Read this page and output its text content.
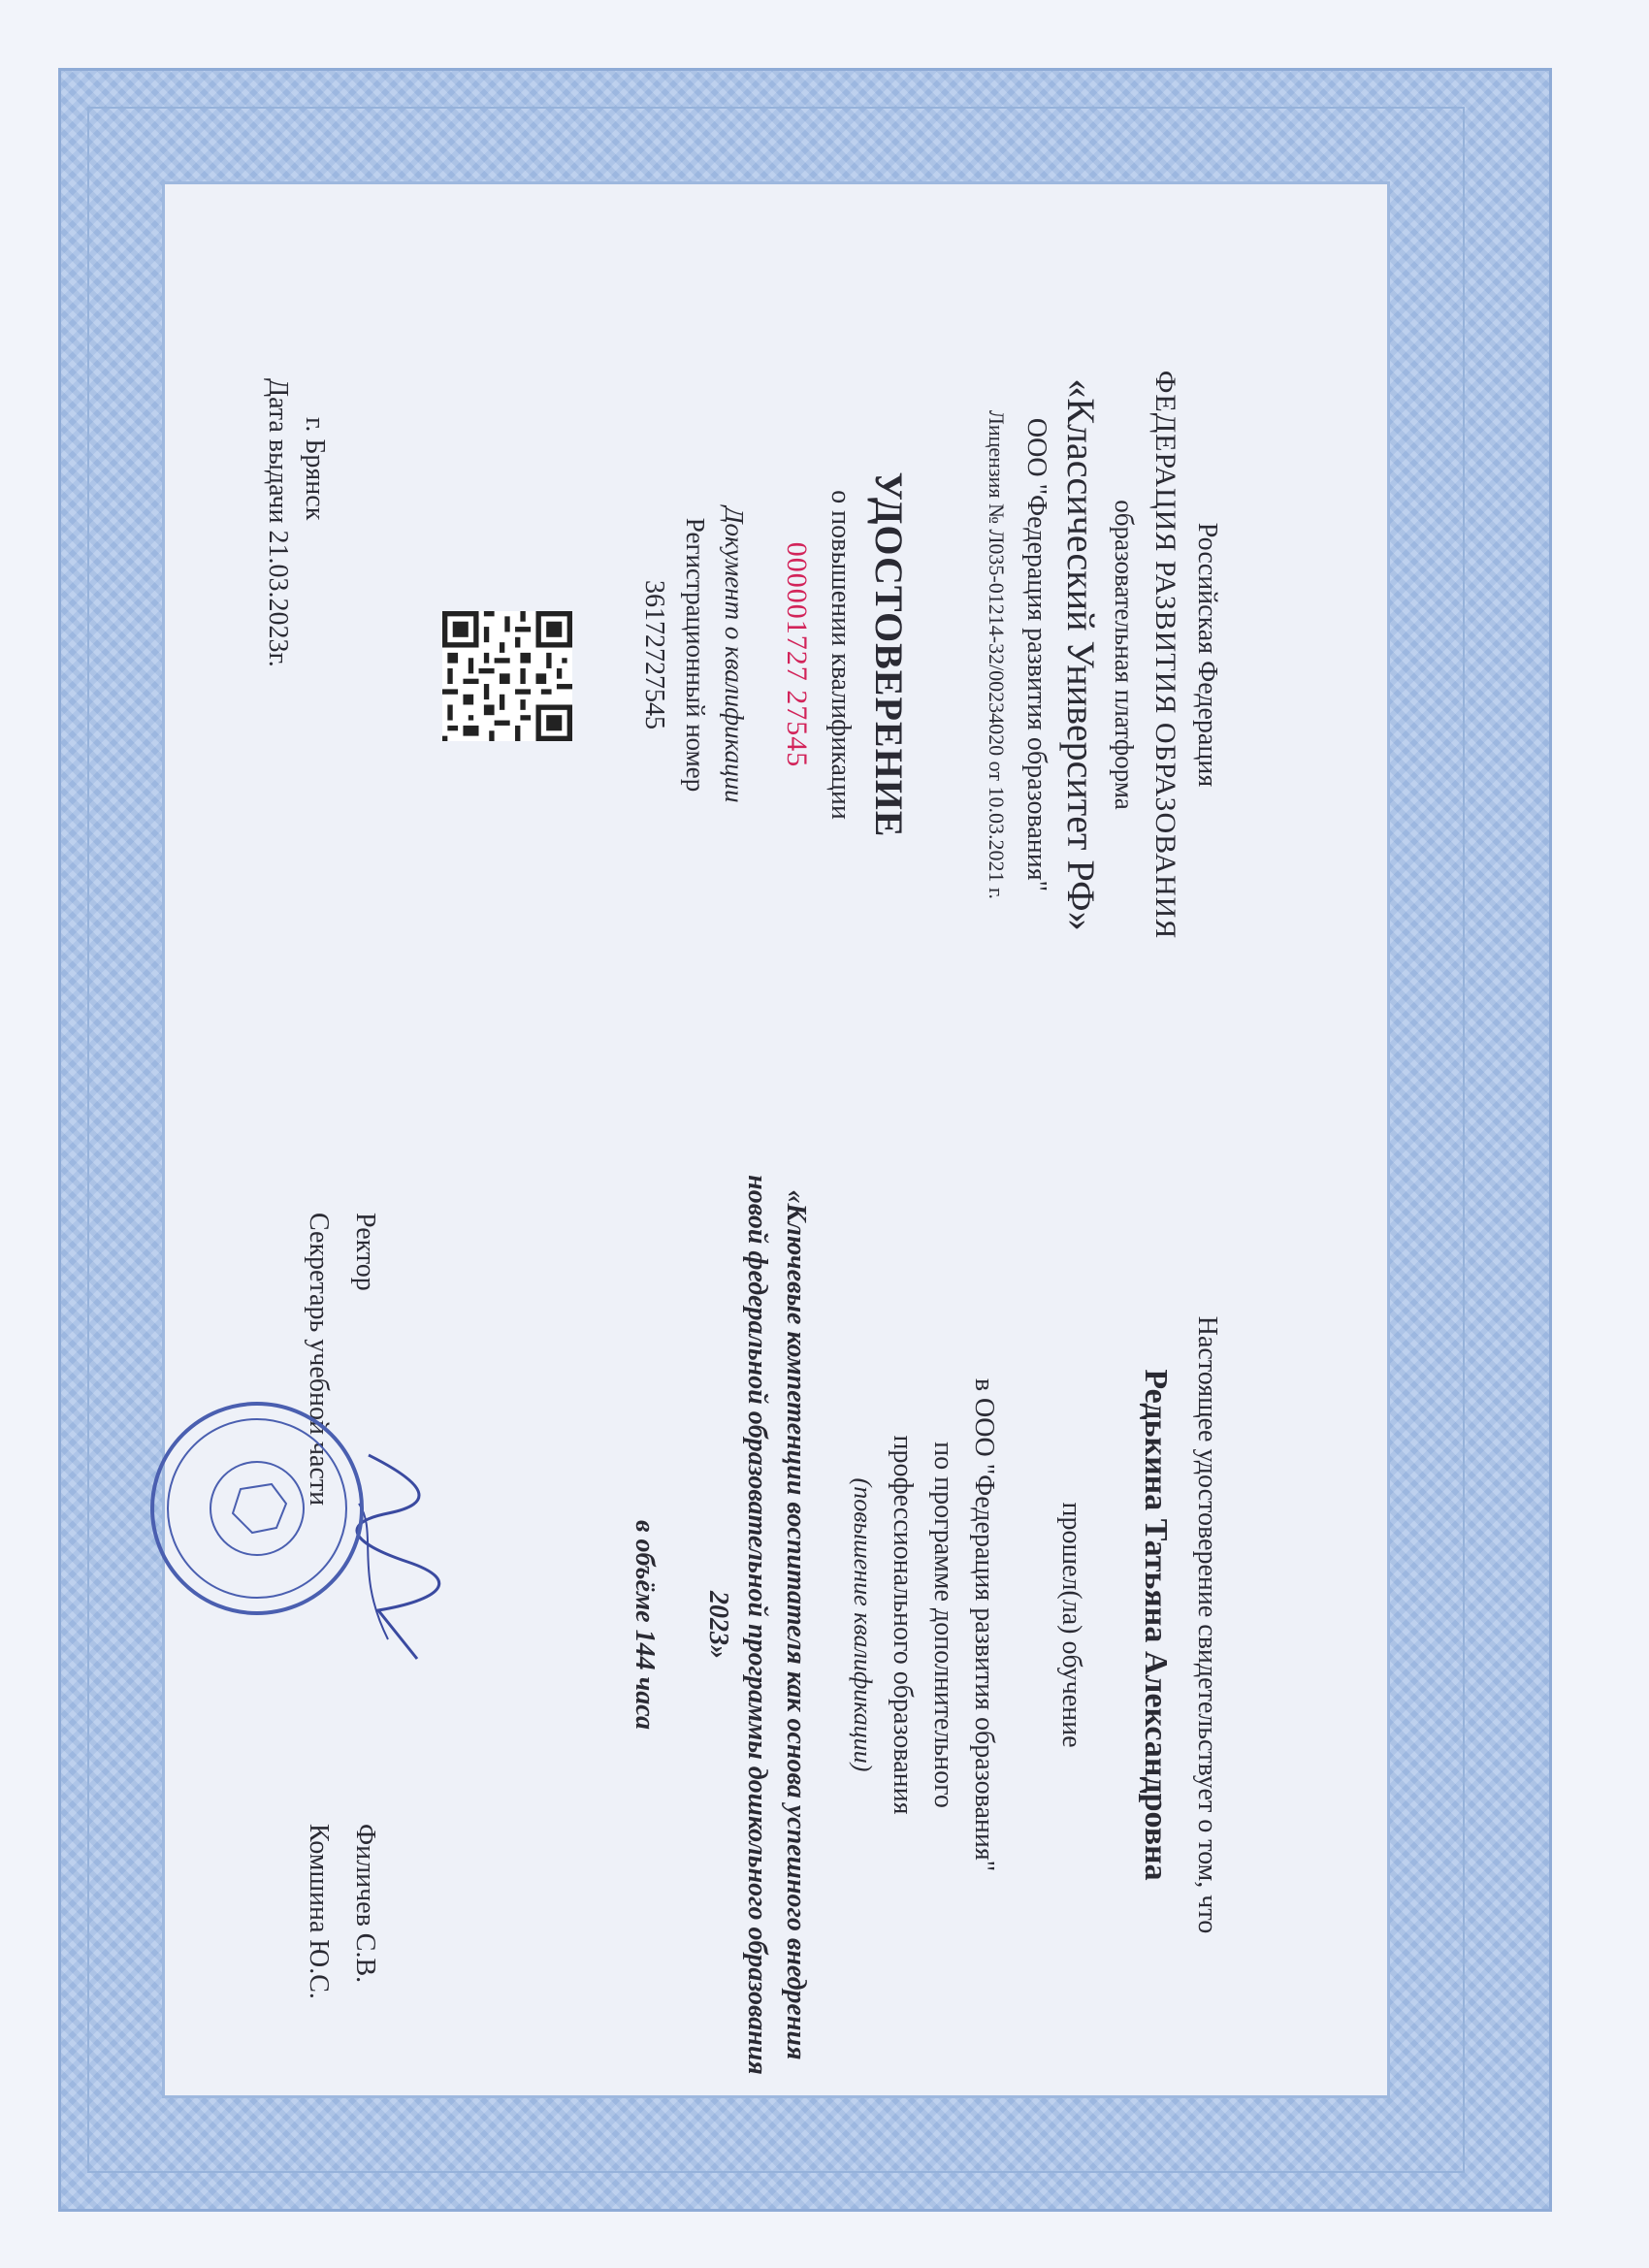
Российская Федерация
ФЕДЕРАЦИЯ РАЗВИТИЯ ОБРАЗОВАНИЯ
образовательная платформа
«Классический Университет РФ»
ООО "Федерация развития образования"
Лицензия № Л035-01214-32/00234020 от 10.03.2021 г.
УДОСТОВЕРЕНИЕ
о повышении квалификации
000001727 27545
Документ о квалификации
Регистрационный номер
36172727545
г. Брянск
Дата выдачи 21.03.2023г.
Настоящее удостоверение свидетельствует о том, что
Редькина Татьяна Александровна
прошел(ла) обучение
в ООО "Федерация развития образования"
по программе дополнительного
профессионального образования
(повышение квалификации)
«Ключевые компетенции воспитателя как основа успешного внедрения новой федеральной образовательной программы дошкольного образования 2023»
в объёме 144 часа
Ректор
Филичев С.В.
Секретарь учебной части
Комшина Ю.С.
